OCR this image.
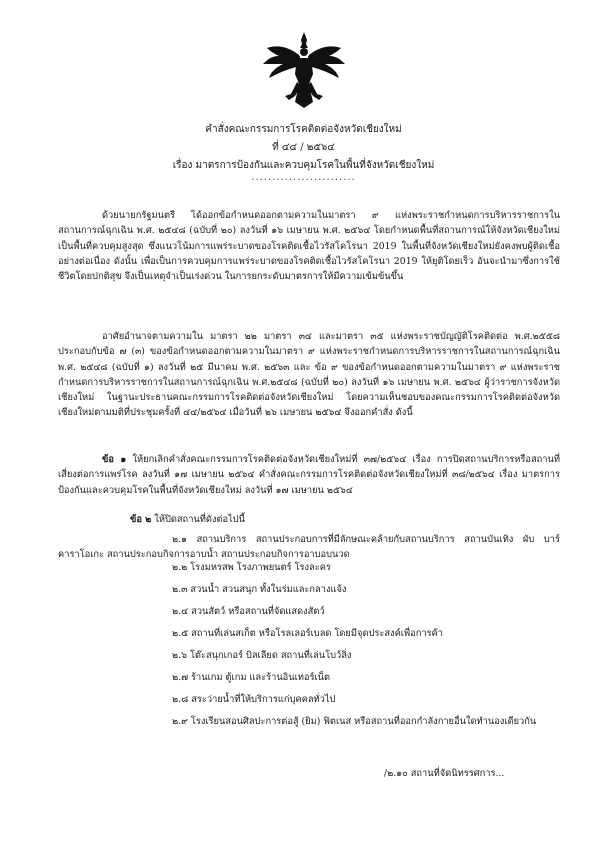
คำสั่งคณะกรรมการโรคติดต่อจังหวัดเชียงใหม่
ที่ ๔๔ / ๒๕๖๔
เรื่อง มาตรการป้องกันและควบคุมโรคในพื้นที่จังหวัดเชียงใหม่
.........................

ด้วยนายกรัฐมนตรี ได้ออกข้อกำหนดออกตามความในมาตรา ๙ แห่งพระราชกำหนดการบริหารราชการในสถานการณ์ฉุกเฉิน พ.ศ. ๒๕๔๘ (ฉบับที่ ๒๐) ลงวันที่ ๑๖ เมษายน พ.ศ. ๒๕๖๔ โดยกำหนดพื้นที่สถานการณ์ให้จังหวัดเชียงใหม่เป็นพื้นที่ควบคุมสูงสุด ซึ่งแนวโน้มการแพร่ระบาดของโรคติดเชื้อไวรัสโคโรนา 2019 ในพื้นที่จังหวัดเชียงใหม่ยังคงพบผู้ติดเชื้ออย่างต่อเนื่อง ดังนั้น เพื่อเป็นการควบคุมการแพร่ระบาดของโรคติดเชื้อไวรัสโคโรนา 2019 ให้ยุติโดยเร็ว อันจะนำมาซึ่งการใช้ชีวิตโดยปกติสุข จึงเป็นเหตุจำเป็นเร่งด่วน ในการยกระดับมาตรการให้มีความเข้มข้นขึ้น

อาศัยอำนาจตามความใน มาตรา ๒๒ มาตรา ๓๔ และมาตรา ๓๕ แห่งพระราชบัญญัติโรคติดต่อ พ.ศ.๒๕๕๘ ประกอบกับข้อ ๗ (๓) ของข้อกำหนดออกตามความในมาตรา ๙ แห่งพระราชกำหนดการบริหารราชการในสถานการณ์ฉุกเฉิน พ.ศ. ๒๕๔๘ (ฉบับที่ ๑) ลงวันที่ ๒๕ มีนาคม พ.ศ. ๒๕๖๓ และ ข้อ ๙ ของข้อกำหนดออกตามความในมาตรา ๙ แห่งพระราชกำหนดการบริหารราชการในสถานการณ์ฉุกเฉิน พ.ศ.๒๕๔๘ (ฉบับที่ ๒๐) ลงวันที่ ๑๖ เมษายน พ.ศ. ๒๕๖๔ ผู้ว่าราชการจังหวัดเชียงใหม่ ในฐานะประธานคณะกรรมการโรคติดต่อจังหวัดเชียงใหม่ โดยความเห็นชอบของคณะกรรมการโรคติดต่อจังหวัดเชียงใหม่ตามมติที่ประชุมครั้งที่ ๔๔/๒๕๖๔ เมื่อวันที่ ๒๖ เมษายน ๒๕๖๔ จึงออกคำสั่ง ดังนี้

ข้อ ๑ ให้ยกเลิกคำสั่งคณะกรรมการโรคติดต่อจังหวัดเชียงใหม่ที่ ๓๗/๒๕๖๔ เรื่อง การปิดสถานบริการหรือสถานที่เสี่ยงต่อการแพร่โรค ลงวันที่ ๑๗ เมษายน ๒๕๖๔ คำสั่งคณะกรรมการโรคติดต่อจังหวัดเชียงใหม่ที่ ๓๘/๒๕๖๔ เรื่อง มาตรการป้องกันและควบคุมโรคในพื้นที่จังหวัดเชียงใหม่ ลงวันที่ ๑๗ เมษายน ๒๕๖๔

ข้อ ๒ ให้ปิดสถานที่ดังต่อไปนี้

๒.๑ สถานบริการ สถานประกอบการที่มีลักษณะคล้ายกับสถานบริการ สถานบันเทิง ผับ บาร์ คาราโอเกะ สถานประกอบกิจการอาบน้ำ สถานประกอบกิจการอาบอบนวด

๒.๒ โรงมหรสพ โรงภาพยนตร์ โรงละคร
๒.๓ สวนน้ำ สวนสนุก ทั้งในร่มและกลางแจ้ง
๒.๔ สวนสัตว์ หรือสถานที่จัดแสดงสัตว์
๒.๕ สถานที่เล่นสเก็ต หรือโรลเลอร์เบลด โดยมีจุดประสงค์เพื่อการค้า
๒.๖ โต๊ะสนุกเกอร์ บิลเลียด สถานที่เล่นโบว์ลิ่ง
๒.๗ ร้านเกม ตู้เกม และร้านอินเทอร์เน็ต
๒.๘ สระว่ายน้ำที่ให้บริการแก่บุคคลทั่วไป

๒.๙ โรงเรียนสอนศิลปะการต่อสู้ (ยิม) ฟิตเนส หรือสถานที่ออกกำลังกายอื่นใดทำนองเดียวกัน

/๒.๑๐ สถานที่จัดนิทรรศการ...
